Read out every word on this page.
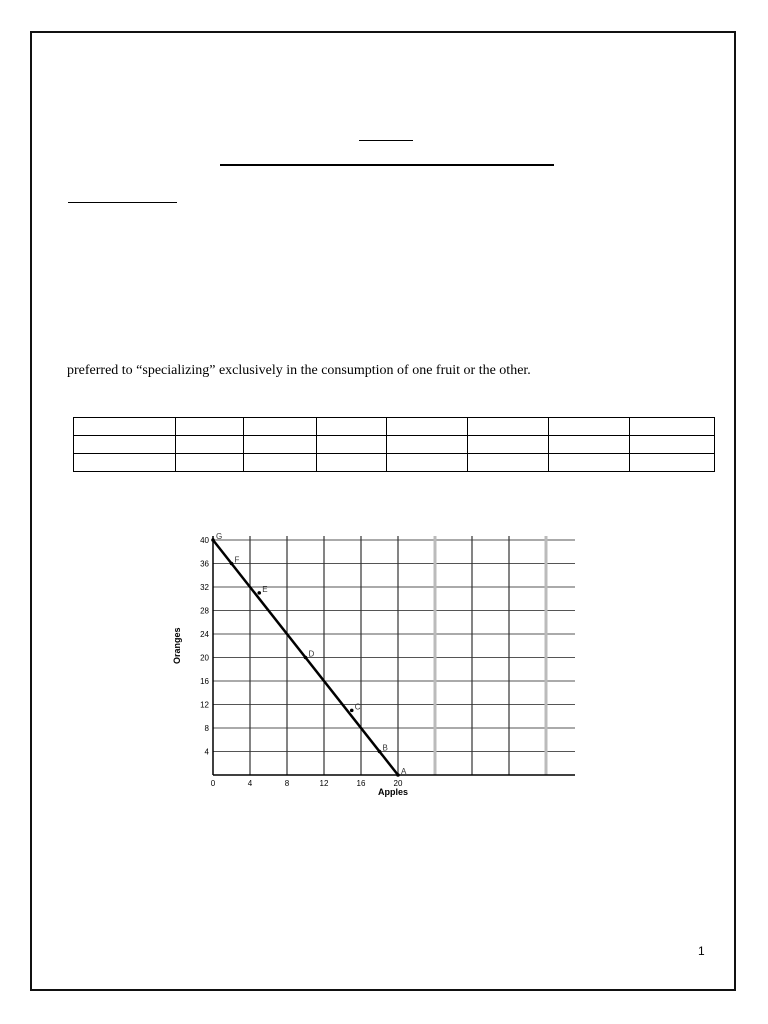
preferred to “specializing” exclusively in the consumption of one fruit or the other.

0	4	8	12	16	20
4
8
12
16
20
24
28
32
36
40
Apples
Oranges
G
F
E
D
C
B
A
1
